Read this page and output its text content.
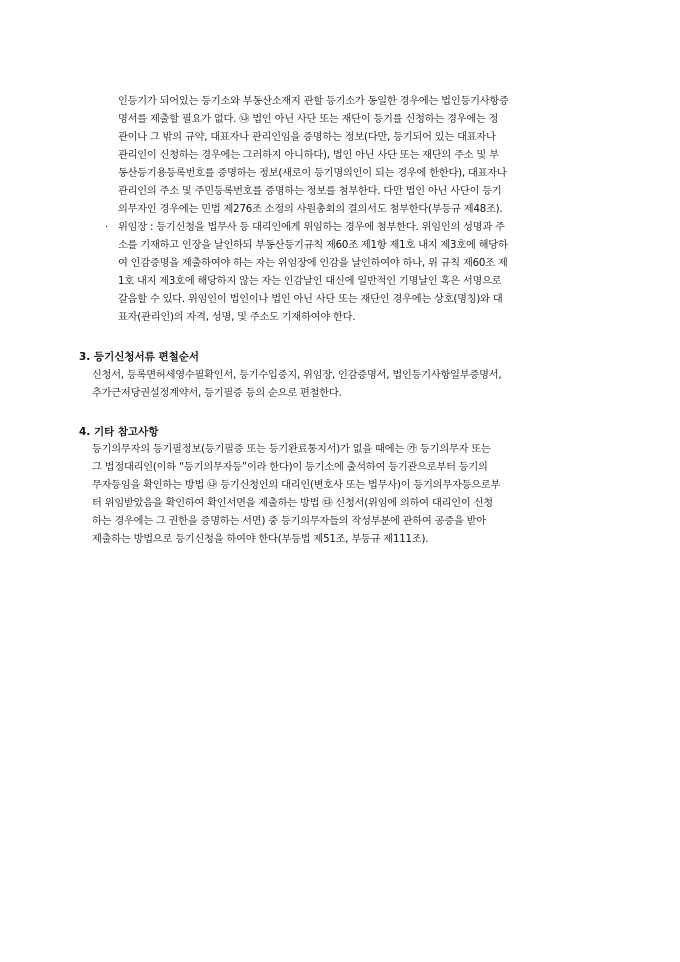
인등기가 되어있는 등기소와 부동산소재지 관할 등기소가 동일한 경우에는 법인등기사항증
명서를 제출할 필요가 없다. ㉯ 법인 아닌 사단 또는 재단이 등기를 신청하는 경우에는 정
관이나 그 밖의 규약, 대표자나 관리인임을 증명하는 정보(다만, 등기되어 있는 대표자나
관리인이 신청하는 경우에는 그러하지 아니하다), 법인 아닌 사단 또는 재단의 주소 및 부
동산등기용등록번호를 증명하는 정보(새로이 등기명의인이 되는 경우에 한한다), 대표자나
관리인의 주소 및 주민등록번호를 증명하는 정보를 첨부한다. 다만 법인 아닌 사단이 등기
의무자인 경우에는 민법 제276조 소정의 사원총회의 결의서도 첨부한다(부등규 제48조).
· 위임장 : 등기신청을 법무사 등 대리인에게 위임하는 경우에 첨부한다. 위임인의 성명과 주
소를 기재하고 인장을 날인하되 부동산등기규칙 제60조 제1항 제1호 내지 제3호에 해당하
여 인감증명을 제출하여야 하는 자는 위임장에 인감을 날인하여야 하나, 위 규칙 제60조 제
1호 내지 제3호에 해당하지 않는 자는 인감날인 대신에 일반적인 기명날인 혹은 서명으로
갈음할 수 있다. 위임인이 법인이나 법인 아닌 사단 또는 재단인 경우에는 상호(명칭)와 대
표자(관리인)의 자격, 성명, 및 주소도 기재하여야 한다.
3. 등기신청서류 편철순서
신청서, 등록면허세영수필확인서, 등기수입증지, 위임장, 인감증명서, 법인등기사항일부증명서,
추가근저당권설정계약서, 등기필증 등의 순으로 편철한다.
4. 기타 참고사항
등기의무자의 등기필정보(등기필증 또는 등기완료통지서)가 없을 때에는 ㉮ 등기의무자 또는
그 법정대리인(이하 “등기의무자등”이라 한다)이 등기소에 출석하여 등기관으로부터 등기의
무자등임을 확인하는 방법 ㉯ 등기신청인의 대리인(변호사 또는 법무사)이 등기의무자등으로부
터 위임받았음을 확인하여 확인서면을 제출하는 방법 ㉰ 신청서(위임에 의하여 대리인이 신청
하는 경우에는 그 권한을 증명하는 서면) 중 등기의무자들의 작성부분에 관하여 공증을 받아
제출하는 방법으로 등기신청을 하여야 한다(부등법 제51조, 부등규 제111조).
